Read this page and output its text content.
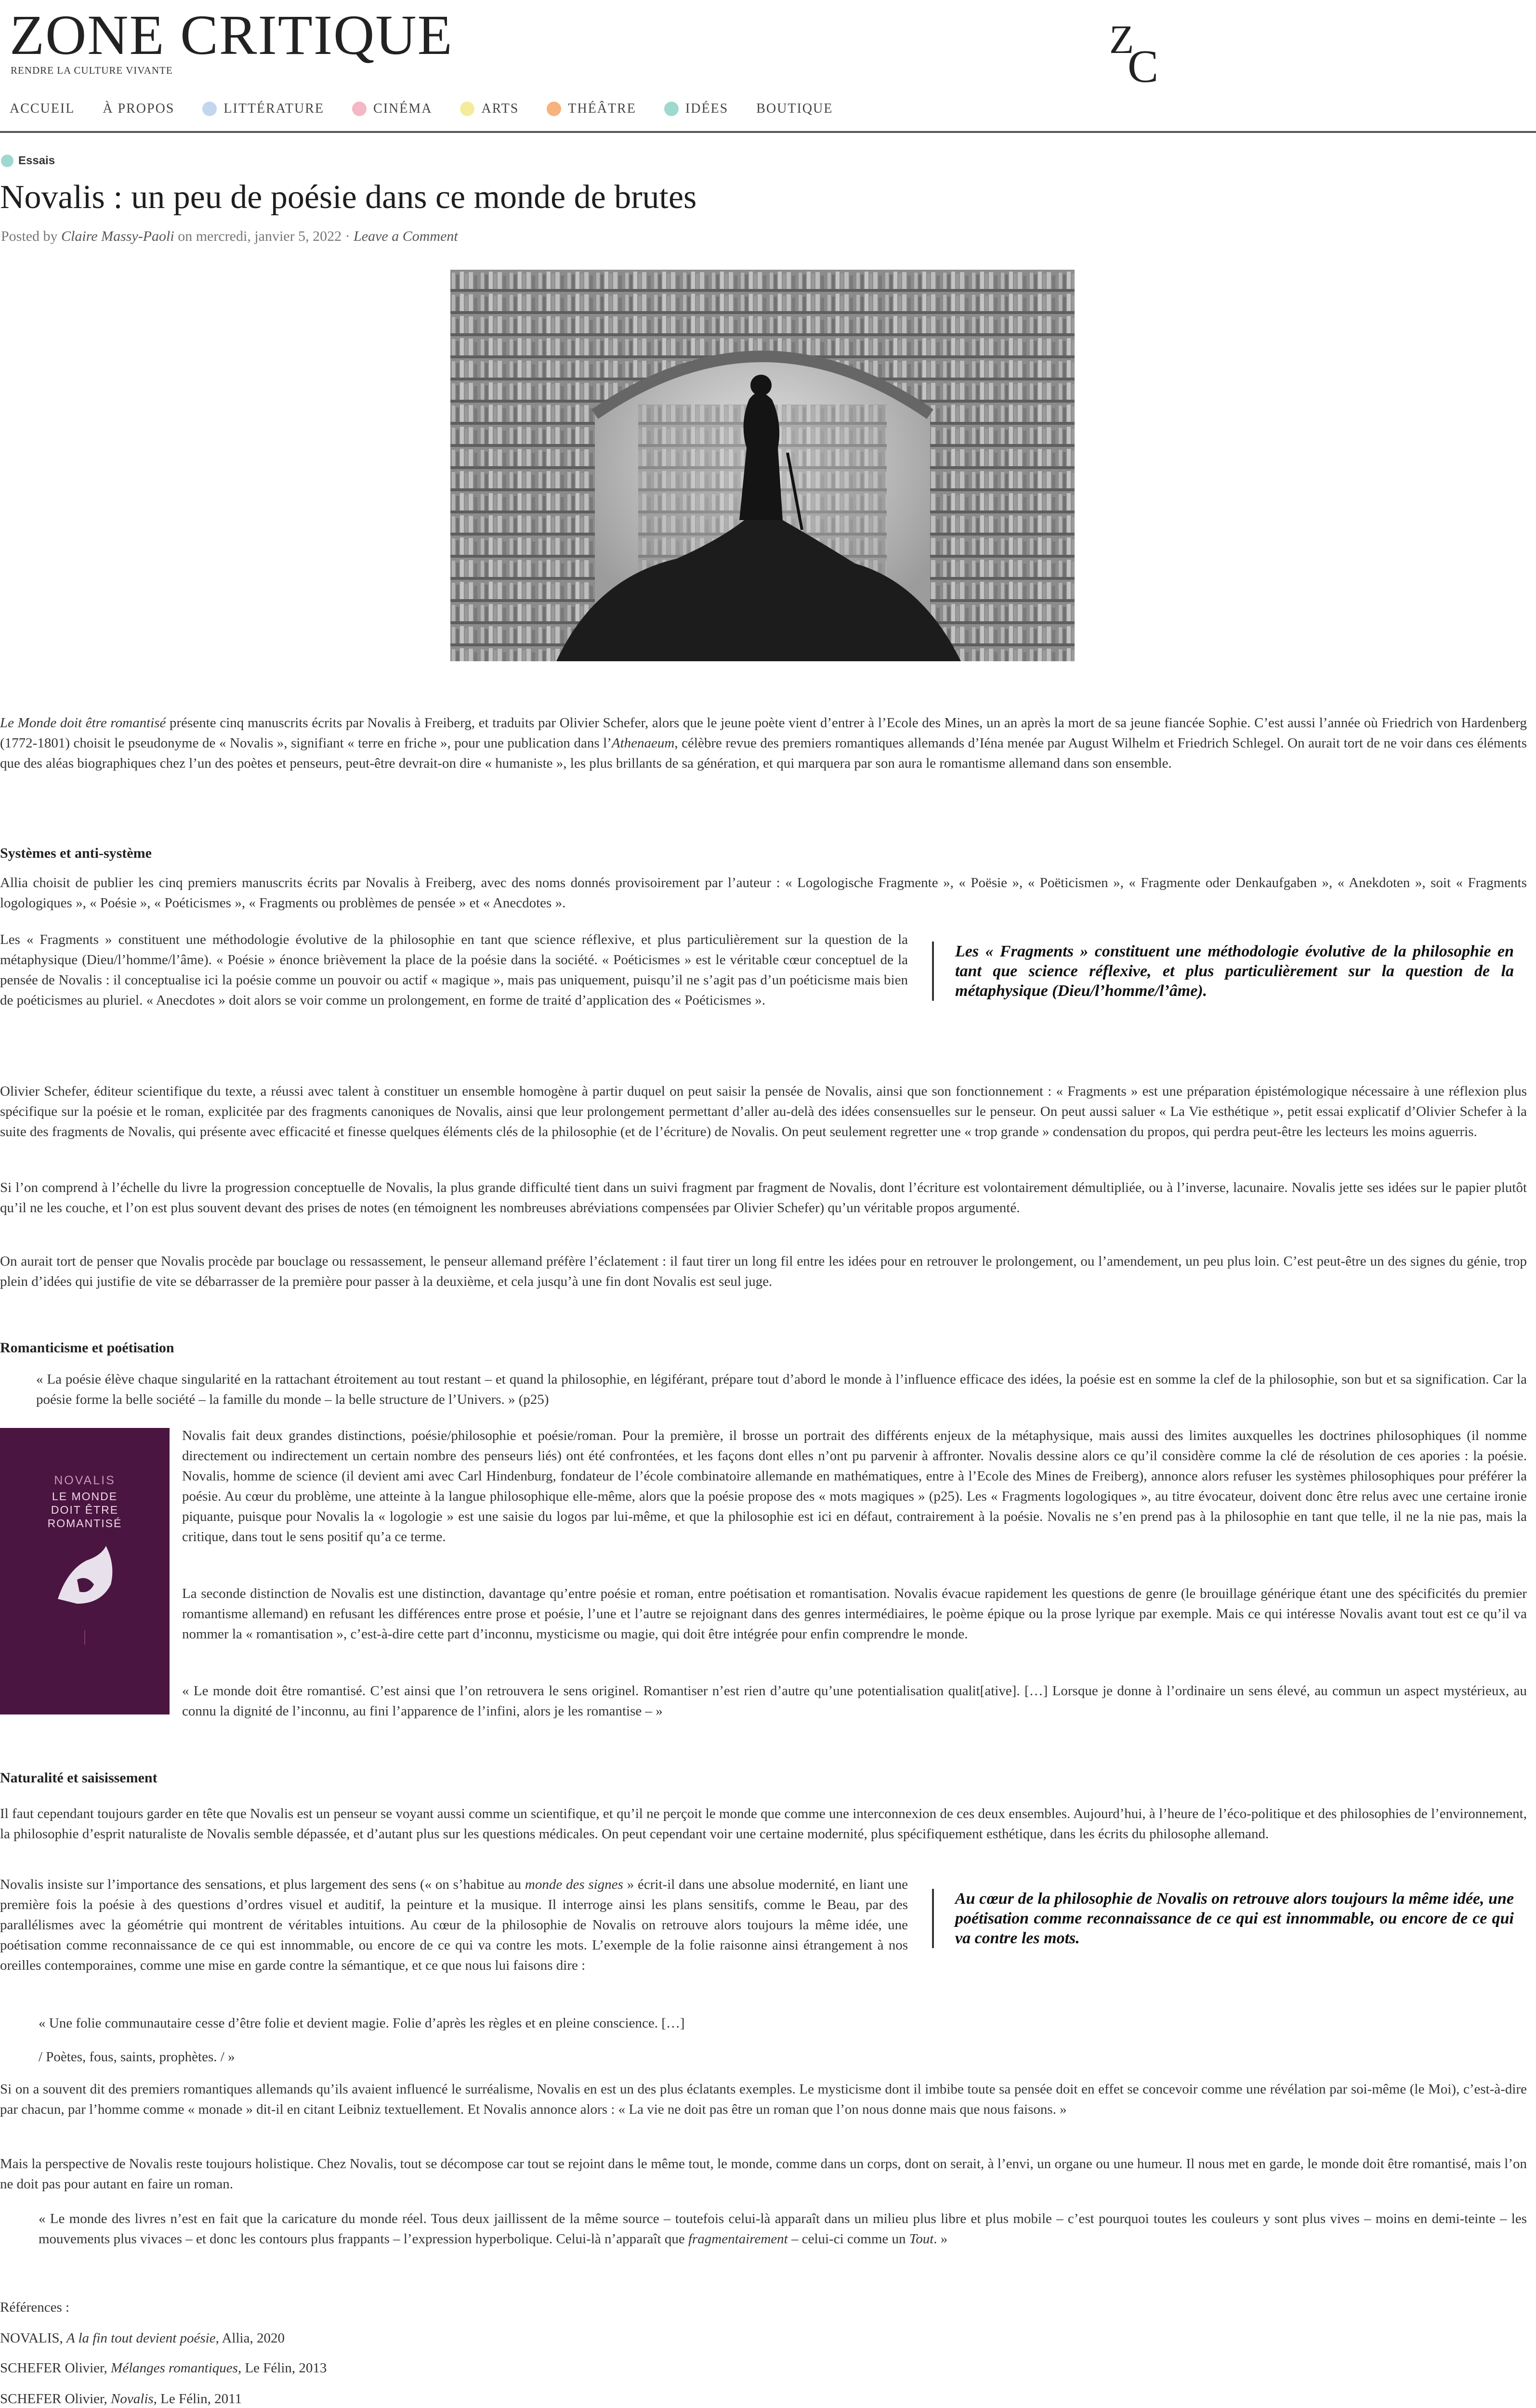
ZONE CRITIQUE
RENDRE LA CULTURE VIVANTE
Z
C
ACCUEIL À PROPOS	LITTÉRATURE	CINÉMA	ARTS	THÉÂTRE	IDÉES BOUTIQUE
Essais
Novalis : un peu de poésie dans ce monde de brutes
Posted by Claire Massy-Paoli on mercredi, janvier 5, 2022 · Leave a Comment
Le Monde doit être romantisé présente cinq manuscrits écrits par Novalis à Freiberg, et traduits par Olivier Schefer, alors que le jeune poète vient d’entrer à l’Ecole des Mines, un an après la mort de sa jeune fiancée Sophie. C’est aussi l’année où Friedrich von Hardenberg (1772-1801) choisit le pseudonyme de « Novalis », signifiant « terre en friche », pour une publication dans l’Athenaeum, célèbre revue des premiers romantiques allemands d’Iéna menée par August Wilhelm et Friedrich Schlegel. On aurait tort de ne voir dans ces éléments que des aléas biographiques chez l’un des poètes et penseurs, peut-être devrait-on dire « humaniste », les plus brillants de sa génération, et qui marquera par son aura le romantisme allemand dans son ensemble.
Systèmes et anti-système
Allia choisit de publier les cinq premiers manuscrits écrits par Novalis à Freiberg, avec des noms donnés provisoirement par l’auteur : « Logologische Fragmente », « Poësie », « Poëticismen », « Fragmente oder Denkaufgaben », « Anekdoten », soit « Fragments logologiques », « Poésie », « Poéticismes », « Fragments ou problèmes de pensée » et « Anecdotes ».
Les « Fragments » constituent une méthodologie évolutive de la philosophie en tant que science réflexive, et plus particulièrement sur la question de la métaphysique (Dieu/l’homme/l’âme). « Poésie » énonce brièvement la place de la poésie dans la société. « Poéticismes » est le véritable cœur conceptuel de la pensée de Novalis : il conceptualise ici la poésie comme un pouvoir ou actif « magique », mais pas uniquement, puisqu’il ne s’agit pas d’un poéticisme mais bien de poéticismes au pluriel. « Anecdotes » doit alors se voir comme un prolongement, en forme de traité d’application des « Poéticismes ».
Les « Fragments » constituent une méthodologie évolutive de la philosophie en tant que science réflexive, et plus particulièrement sur la question de la métaphysique (Dieu/l’homme/l’âme).
Olivier Schefer, éditeur scientifique du texte, a réussi avec talent à constituer un ensemble homogène à partir duquel on peut saisir la pensée de Novalis, ainsi que son fonctionnement : « Fragments » est une préparation épistémologique nécessaire à une réflexion plus spécifique sur la poésie et le roman, explicitée par des fragments canoniques de Novalis, ainsi que leur prolongement permettant d’aller au-delà des idées consensuelles sur le penseur. On peut aussi saluer « La Vie esthétique », petit essai explicatif d’Olivier Schefer à la suite des fragments de Novalis, qui présente avec efficacité et finesse quelques éléments clés de la philosophie (et de l’écriture) de Novalis. On peut seulement regretter une « trop grande » condensation du propos, qui perdra peut-être les lecteurs les moins aguerris.
Si l’on comprend à l’échelle du livre la progression conceptuelle de Novalis, la plus grande difficulté tient dans un suivi fragment par fragment de Novalis, dont l’écriture est volontairement démultipliée, ou à l’inverse, lacunaire. Novalis jette ses idées sur le papier plutôt qu’il ne les couche, et l’on est plus souvent devant des prises de notes (en témoignent les nombreuses abréviations compensées par Olivier Schefer) qu’un véritable propos argumenté.
On aurait tort de penser que Novalis procède par bouclage ou ressassement, le penseur allemand préfère l’éclatement : il faut tirer un long fil entre les idées pour en retrouver le prolongement, ou l’amendement, un peu plus loin. C’est peut-être un des signes du génie, trop plein d’idées qui justifie de vite se débarrasser de la première pour passer à la deuxième, et cela jusqu’à une fin dont Novalis est seul juge.
Romanticisme et poétisation
« La poésie élève chaque singularité en la rattachant étroitement au tout restant – et quand la philosophie, en légiférant, prépare tout d’abord le monde à l’influence efficace des idées, la poésie est en somme la clef de la philosophie, son but et sa signification. Car la poésie forme la belle société – la famille du monde – la belle structure de l’Univers. » (p25)
NOVALIS
LE MONDE DOIT ÊTRE ROMANTISÉ
Novalis fait deux grandes distinctions, poésie/philosophie et poésie/roman. Pour la première, il brosse un portrait des différents enjeux de la métaphysique, mais aussi des limites auxquelles les doctrines philosophiques (il nomme directement ou indirectement un certain nombre des penseurs liés) ont été confrontées, et les façons dont elles n’ont pu parvenir à affronter. Novalis dessine alors ce qu’il considère comme la clé de résolution de ces apories : la poésie. Novalis, homme de science (il devient ami avec Carl Hindenburg, fondateur de l’école combinatoire allemande en mathématiques, entre à l’Ecole des Mines de Freiberg), annonce alors refuser les systèmes philosophiques pour préférer la poésie. Au cœur du problème, une atteinte à la langue philosophique elle-même, alors que la poésie propose des « mots magiques » (p25). Les « Fragments logologiques », au titre évocateur, doivent donc être relus avec une certaine ironie piquante, puisque pour Novalis la « logologie » est une saisie du logos par lui-même, et que la philosophie est ici en défaut, contrairement à la poésie. Novalis ne s’en prend pas à la philosophie en tant que telle, il ne la nie pas, mais la critique, dans tout le sens positif qu’a ce terme.
La seconde distinction de Novalis est une distinction, davantage qu’entre poésie et roman, entre poétisation et romantisation. Novalis évacue rapidement les questions de genre (le brouillage générique étant une des spécificités du premier romantisme allemand) en refusant les différences entre prose et poésie, l’une et l’autre se rejoignant dans des genres intermédiaires, le poème épique ou la prose lyrique par exemple. Mais ce qui intéresse Novalis avant tout est ce qu’il va nommer la « romantisation », c’est-à-dire cette part d’inconnu, mysticisme ou magie, qui doit être intégrée pour enfin comprendre le monde.
« Le monde doit être romantisé. C’est ainsi que l’on retrouvera le sens originel. Romantiser n’est rien d’autre qu’une potentialisation qualit[ative]. […] Lorsque je donne à l’ordinaire un sens élevé, au commun un aspect mystérieux, au connu la dignité de l’inconnu, au fini l’apparence de l’infini, alors je les romantise – »
Naturalité et saisissement
Il faut cependant toujours garder en tête que Novalis est un penseur se voyant aussi comme un scientifique, et qu’il ne perçoit le monde que comme une interconnexion de ces deux ensembles. Aujourd’hui, à l’heure de l’éco-politique et des philosophies de l’environnement, la philosophie d’esprit naturaliste de Novalis semble dépassée, et d’autant plus sur les questions médicales. On peut cependant voir une certaine modernité, plus spécifiquement esthétique, dans les écrits du philosophe allemand.
Novalis insiste sur l’importance des sensations, et plus largement des sens (« on s’habitue au monde des signes » écrit-il dans une absolue modernité, en liant une première fois la poésie à des questions d’ordres visuel et auditif, la peinture et la musique. Il interroge ainsi les plans sensitifs, comme le Beau, par des parallélismes avec la géométrie qui montrent de véritables intuitions. Au cœur de la philosophie de Novalis on retrouve alors toujours la même idée, une poétisation comme reconnaissance de ce qui est innommable, ou encore de ce qui va contre les mots. L’exemple de la folie raisonne ainsi étrangement à nos oreilles contemporaines, comme une mise en garde contre la sémantique, et ce que nous lui faisons dire :
Au cœur de la philosophie de Novalis on retrouve alors toujours la même idée, une poétisation comme reconnaissance de ce qui est innommable, ou encore de ce qui va contre les mots.
« Une folie communautaire cesse d’être folie et devient magie. Folie d’après les règles et en pleine conscience. […]
/ Poètes, fous, saints, prophètes. / »
Si on a souvent dit des premiers romantiques allemands qu’ils avaient influencé le surréalisme, Novalis en est un des plus éclatants exemples. Le mysticisme dont il imbibe toute sa pensée doit en effet se concevoir comme une révélation par soi-même (le Moi), c’est-à-dire par chacun, par l’homme comme « monade » dit-il en citant Leibniz textuellement. Et Novalis annonce alors : « La vie ne doit pas être un roman que l’on nous donne mais que nous faisons. »
Mais la perspective de Novalis reste toujours holistique. Chez Novalis, tout se décompose car tout se rejoint dans le même tout, le monde, comme dans un corps, dont on serait, à l’envi, un organe ou une humeur. Il nous met en garde, le monde doit être romantisé, mais l’on ne doit pas pour autant en faire un roman.
« Le monde des livres n’est en fait que la caricature du monde réel. Tous deux jaillissent de la même source – toutefois celui-là apparaît dans un milieu plus libre et plus mobile – c’est pourquoi toutes les couleurs y sont plus vives – moins en demi-teinte – les mouvements plus vivaces – et donc les contours plus frappants – l’expression hyperbolique. Celui-là n’apparaît que fragmentairement – celui-ci comme un Tout. »
Références :
NOVALIS, A la fin tout devient poésie, Allia, 2020
SCHEFER Olivier, Mélanges romantiques, Le Félin, 2013
SCHEFER Olivier, Novalis, Le Félin, 2011
